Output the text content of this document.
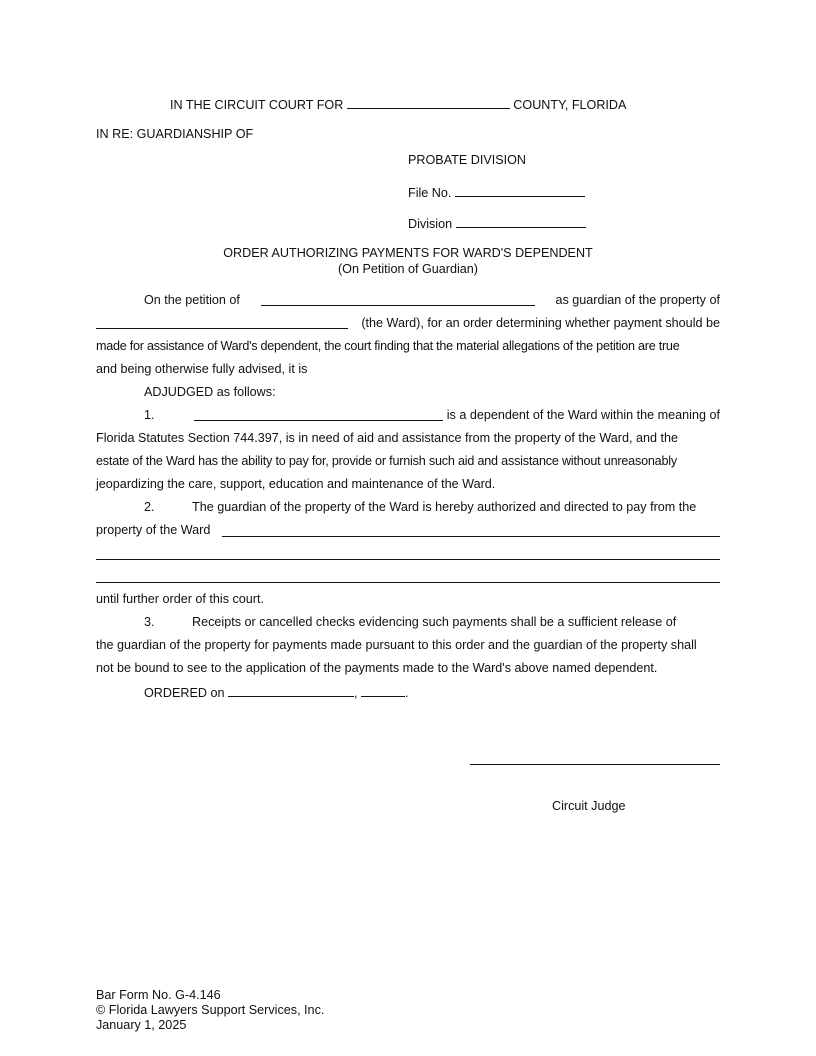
IN THE CIRCUIT COURT FOR	COUNTY, FLORIDA
IN RE: GUARDIANSHIP OF
PROBATE DIVISION
File No.
Division
ORDER AUTHORIZING PAYMENTS FOR WARD'S DEPENDENT
(On Petition of Guardian)
On the petition of	as guardian of the property of
(the Ward), for an order determining whether payment should be
made for assistance of Ward's dependent, the court finding that the material allegations of the petition are true
and being otherwise fully advised, it is
ADJUDGED as follows:
1.	is a dependent of the Ward within the meaning of
Florida Statutes Section 744.397, is in need of aid and assistance from the property of the Ward, and the
estate of the Ward has the ability to pay for, provide or furnish such aid and assistance without unreasonably
jeopardizing the care, support, education and maintenance of the Ward.
2.	The guardian of the property of the Ward is hereby authorized and directed to pay from the
property of the Ward
until further order of this court.
3.	Receipts or cancelled checks evidencing such payments shall be a sufficient release of
the guardian of the property for payments made pursuant to this order and the guardian of the property shall
not be bound to see to the application of the payments made to the Ward's above named dependent.
ORDERED on	,	.
Circuit Judge
Bar Form No. G-4.146
© Florida Lawyers Support Services, Inc.
January 1, 2025
